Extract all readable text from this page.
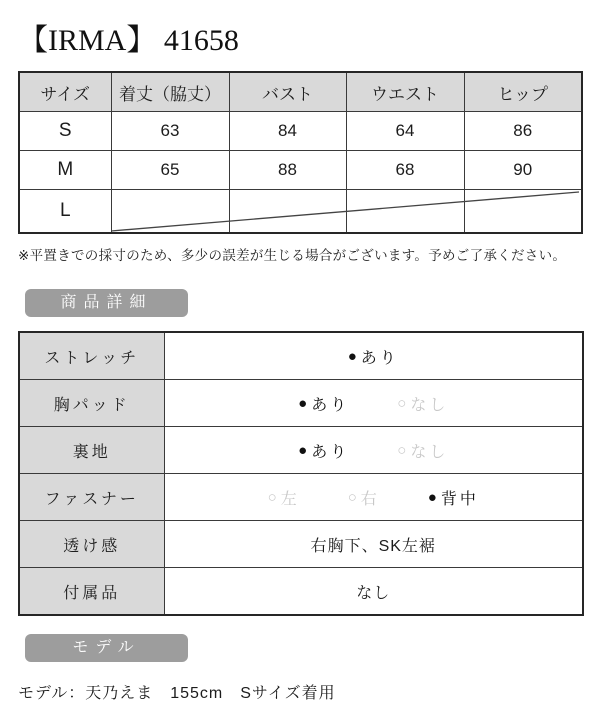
【IRMA】 41658
サイズ	着丈（脇丈）	バスト	ウエスト	ヒップ
S	63	84	64	86
M	65	88	68	90
L				
※平置きでの採寸のため、多少の誤差が生じる場合がございます。予めご了承ください。
商品詳細
ストレッチ	● あり

胸パッド	● あり ○ なし

裏地	● あり ○ なし

ファスナー	○ 左	○ 右	● 背中

透け感	右胸下、SK左裾
付属品	なし
モデル
モデル：天乃えま　155cm　Sサイズ着用
